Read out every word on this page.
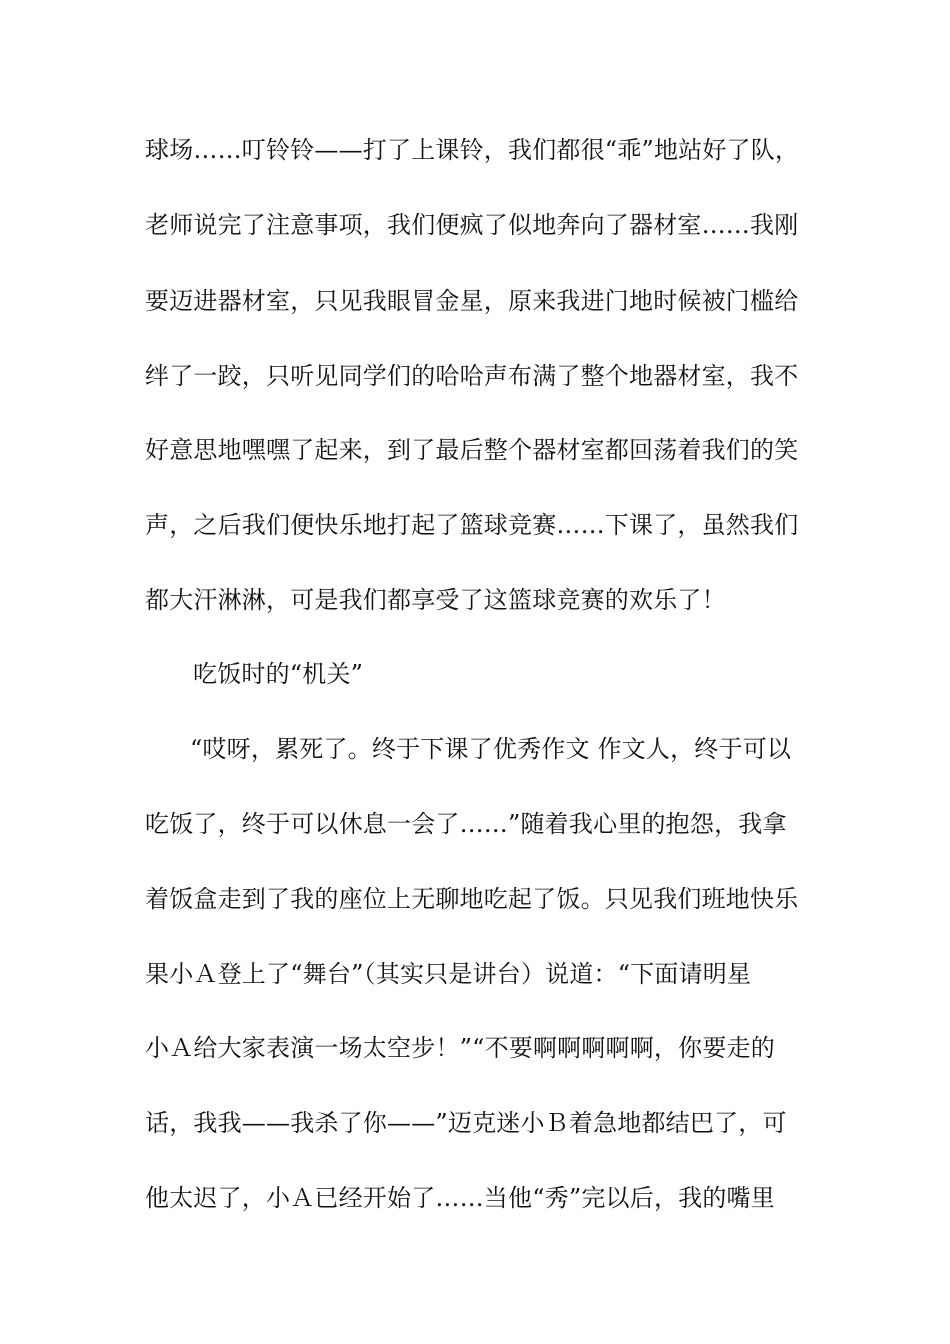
球场……叮铃铃——打了上课铃，我们都很“乖”地站好了队，
老师说完了注意事项，我们便疯了似地奔向了器材室……我刚
要迈进器材室，只见我眼冒金星，原来我进门地时候被门槛给
绊了一跤，只听见同学们的哈哈声布满了整个地器材室，我不
好意思地嘿嘿了起来，到了最后整个器材室都回荡着我们的笑
声，之后我们便快乐地打起了篮球竞赛……下课了，虽然我们
都大汗淋淋，可是我们都享受了这篮球竞赛的欢乐了！
吃饭时的“机关”
“哎呀，累死了。终于下课了优秀作文 作文人，终于可以
吃饭了，终于可以休息一会了……”随着我心里的抱怨，我拿
着饭盒走到了我的座位上无聊地吃起了饭。只见我们班地快乐
果小Ａ登上了“舞台”（其实只是讲台）说道：“下面请明星
小Ａ给大家表演一场太空步！”“不要啊啊啊啊啊，你要走的
话，我我——我杀了你——”迈克迷小Ｂ着急地都结巴了，可
他太迟了，小Ａ已经开始了……当他“秀”完以后，我的嘴里
